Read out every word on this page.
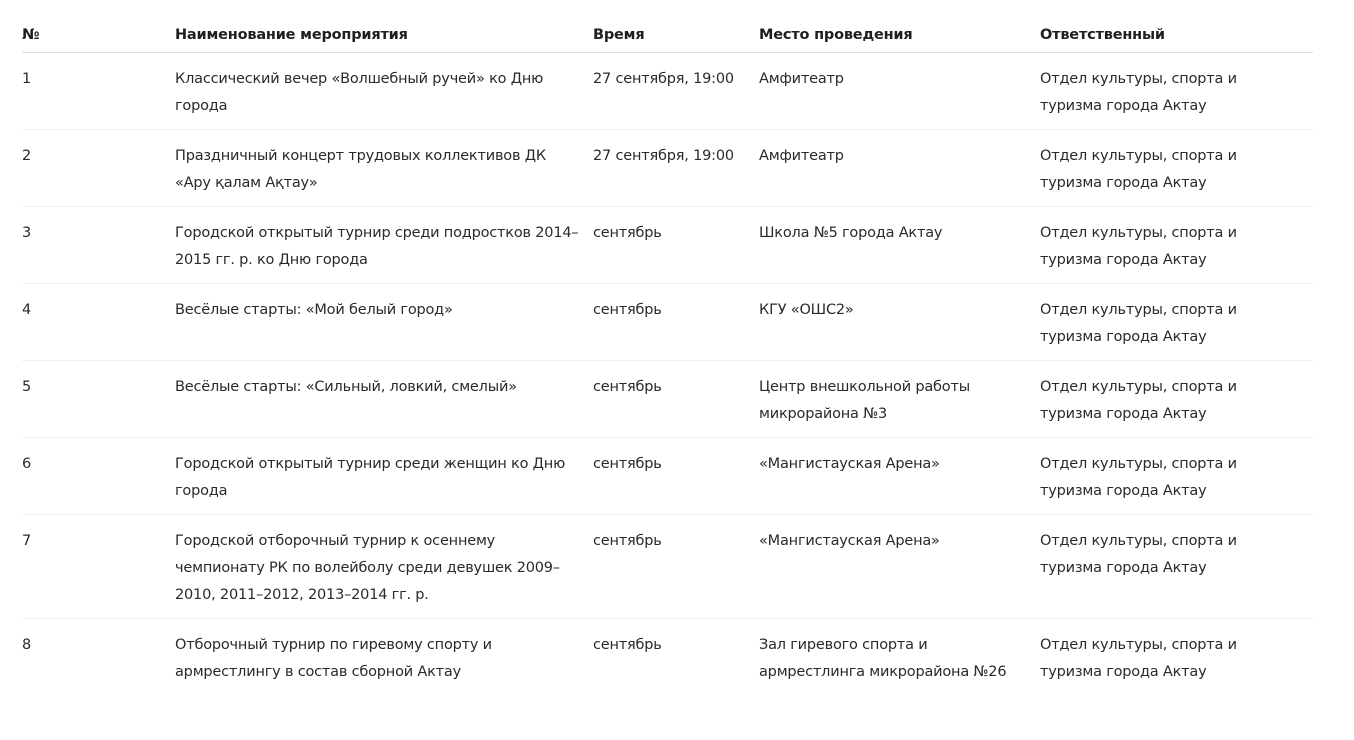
№	Наименование мероприятия	Время	Место проведения	Ответственный
1	Классический вечер «Волшебный ручей» ко Дню города	27 сентября, 19:00	Амфитеатр	Отдел культуры, спорта и туризма города Актау
2	Праздничный концерт трудовых коллективов ДК «Ару қалам Ақтау»	27 сентября, 19:00	Амфитеатр	Отдел культуры, спорта и туризма города Актау
3	Городской открытый турнир среди подростков 2014–2015 гг. р. ко Дню города	сентябрь	Школа №5 города Актау	Отдел культуры, спорта и туризма города Актау
4	Весёлые старты: «Мой белый город»	сентябрь	КГУ «ОШС2»	Отдел культуры, спорта и туризма города Актау
5	Весёлые старты: «Сильный, ловкий, смелый»	сентябрь	Центр внешкольной работы микрорайона №3	Отдел культуры, спорта и туризма города Актау
6	Городской открытый турнир среди женщин ко Дню города	сентябрь	«Мангистауская Арена»	Отдел культуры, спорта и туризма города Актау
7	Городской отборочный турнир к осеннему чемпионату РК по волейболу среди девушек 2009–2010, 2011–2012, 2013–2014 гг. р.	сентябрь	«Мангистауская Арена»	Отдел культуры, спорта и туризма города Актау
8	Отборочный турнир по гиревому спорту и армрестлингу в состав сборной Актау	сентябрь	Зал гиревого спорта и армрестлинга микрорайона №26	Отдел культуры, спорта и туризма города Актау
